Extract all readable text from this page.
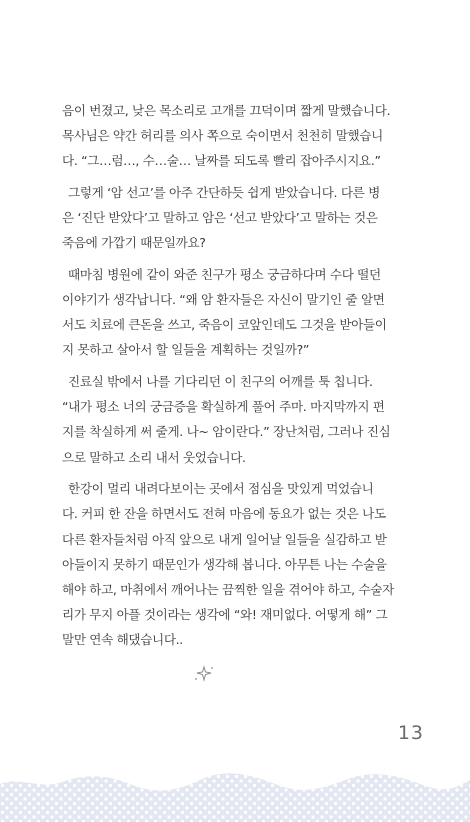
음이 번졌고, 낮은 목소리로 고개를 끄덕이며 짧게 말했습니다.
목사님은 약간 허리를 의사 쪽으로 숙이면서 천천히 말했습니
다. “그…럼…, 수…술… 날짜를 되도록 빨리 잡아주시지요.”
그렇게 ‘암 선고’를 아주 간단하듯 쉽게 받았습니다. 다른 병
은 ‘진단 받았다’고 말하고 암은 ‘선고 받았다’고 말하는 것은
죽음에 가깝기 때문일까요?
때마침 병원에 같이 와준 친구가 평소 궁금하다며 수다 떨던
이야기가 생각납니다. “왜 암 환자들은 자신이 말기인 줄 알면
서도 치료에 큰돈을 쓰고, 죽음이 코앞인데도 그것을 받아들이
지 못하고 살아서 할 일들을 계획하는 것일까?”
진료실 밖에서 나를 기다리던 이 친구의 어깨를 툭 칩니다.
“내가 평소 너의 궁금증을 확실하게 풀어 주마. 마지막까지 편
지를 착실하게 써 줄게. 나~ 암이란다.” 장난처럼, 그러나 진심
으로 말하고 소리 내서 웃었습니다.
한강이 멀리 내려다보이는 곳에서 점심을 맛있게 먹었습니
다. 커피 한 잔을 하면서도 전혀 마음에 동요가 없는 것은 나도
다른 환자들처럼 아직 앞으로 내게 일어날 일들을 실감하고 받
아들이지 못하기 때문인가 생각해 봅니다. 아무튼 나는 수술을
해야 하고, 마취에서 깨어나는 끔찍한 일을 겪어야 하고, 수술자
리가 무지 아플 것이라는 생각에 “와! 재미없다. 어떻게 해” 그
말만 연속 해댔습니다..
13
